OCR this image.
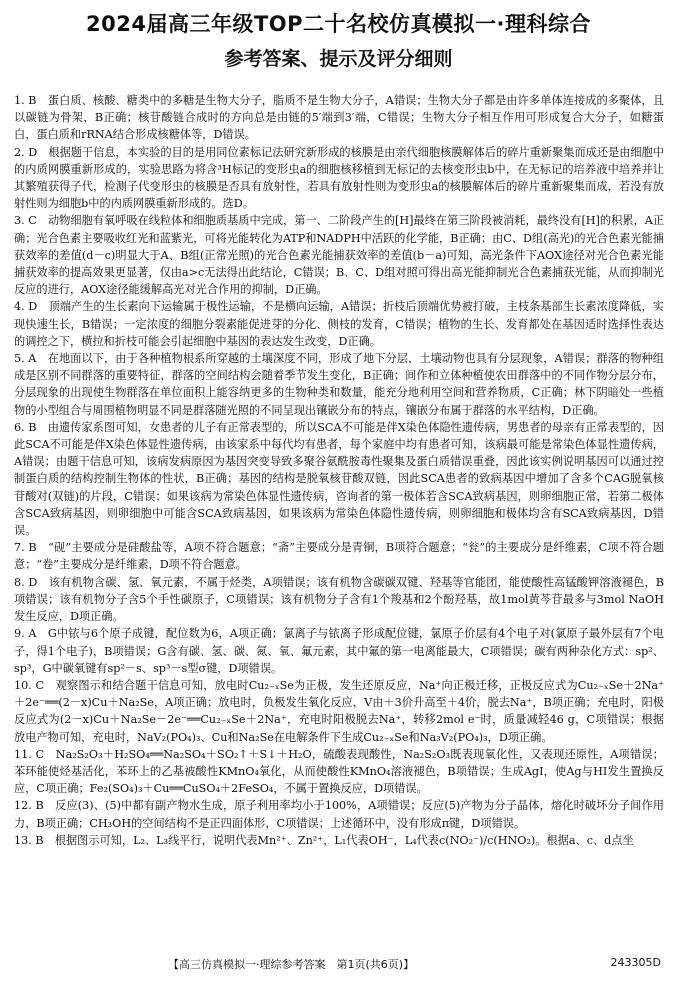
2024届高三年级TOP二十名校仿真模拟一·理科综合
参考答案、提示及评分细则

1. B　蛋白质、核酸、糖类中的多糖是生物大分子，脂质不是生物大分子，A错误；生物大分子都是由许多单体连接成的多聚体，且以碳链为骨架，B正确；核苷酸链合成时的方向总是由链的5′端到3′端，C错误；生物大分子相互作用可形成复合大分子，如糖蛋白，蛋白质和rRNA结合形成核糖体等，D错误。

2. D　根据题干信息，本实验的目的是用同位素标记法研究新形成的核膜是由亲代细胞核膜解体后的碎片重新聚集而成还是由细胞中的内质网膜重新形成的，实验思路为将含³H标记的变形虫a的细胞核移植到无标记的去核变形虫b中，在无标记的培养液中培养并让其繁殖获得子代，检测子代变形虫的核膜是否具有放射性，若具有放射性则为变形虫a的核膜解体后的碎片重新聚集而成，若没有放射性则为细胞b中的内质网膜重新形成的。选D。

3. C　动物细胞有氧呼吸在线粒体和细胞质基质中完成，第一、二阶段产生的[H]最终在第三阶段被消耗，最终没有[H]的积累，A正确；光合色素主要吸收红光和蓝紫光，可将光能转化为ATP和NADPH中活跃的化学能，B正确；由C、D组(高光)的光合色素光能捕获效率的差值(d－c)明显大于A、B组(正常光照)的光合色素光能捕获效率的差值(b－a)可知，高光条件下AOX途径对光合色素光能捕获效率的提高效果更显著，仅由a>c无法得出此结论，C错误；B、C、D组对照可得出高光能抑制光合色素捕获光能，从而抑制光反应的进行，AOX途径能缓解高光对光合作用的抑制，D正确。

4. D　顶端产生的生长素向下运输属于极性运输，不是横向运输，A错误；折枝后顶端优势被打破，主枝条基部生长素浓度降低，实现快速生长，B错误；一定浓度的细胞分裂素能促进芽的分化、侧枝的发育，C错误；植物的生长、发育都处在基因适时选择性表达的调控之下，横拉和折枝可能会引起细胞中基因的表达发生改变，D正确。

5. A　在地面以下，由于各种植物根系所穿越的土壤深度不同，形成了地下分层，土壤动物也具有分层现象，A错误；群落的物种组成是区别不同群落的重要特征，群落的空间结构会随着季节发生变化，B正确；间作和立体种植使农田群落中的不同作物分层分布，分层现象的出现使生物群落在单位面积上能容纳更多的生物种类和数量，能充分地利用空间和营养物质，C正确；林下阴暗处一些植物的小型组合与周围植物明显不同是群落随光照的不同呈现出镶嵌分布的特点，镶嵌分布属于群落的水平结构，D正确。

6. B　由遗传家系图可知，女患者的儿子有正常表型的，所以SCA不可能是伴X染色体隐性遗传病，男患者的母亲有正常表型的，因此SCA不可能是伴X染色体显性遗传病，由该家系中每代均有患者，每个家庭中均有患者可知，该病最可能是常染色体显性遗传病，A错误；由题干信息可知，该病发病原因为基因突变导致多聚谷氨酰胺毒性聚集及蛋白质错误重叠，因此该实例说明基因可以通过控制蛋白质的结构控制生物体的性状，B正确；基因的结构是脱氧核苷酸双链，因此SCA患者的致病基因中增加了含多个CAG脱氧核苷酸对(双链)的片段，C错误；如果该病为常染色体显性遗传病，咨询者的第一极体若含SCA致病基因，则卵细胞正常，若第二极体含SCA致病基因，则卵细胞中可能含SCA致病基因，如果该病为常染色体隐性遗传病，则卵细胞和极体均含有SCA致病基因，D错误。

7. B　“砚”主要成分是硅酸盐等，A项不符合题意；“斋”主要成分是青铜，B项符合题意；“瓮”的主要成分是纤维素，C项不符合题意；“卷”主要成分是纤维素，D项不符合题意。

8. D　该有机物含碳、氢、氧元素，不属于烃类，A项错误；该有机物含碳碳双键、羟基等官能团，能使酸性高锰酸钾溶液褪色，B项错误；该有机物分子含5个手性碳原子，C项错误；该有机物分子含有1个羧基和2个酚羟基，故1mol黄芩苷最多与3mol NaOH发生反应，D项正确。

9. A　G中铱与6个原子成键，配位数为6，A项正确；氯离子与铱离子形成配位键，氯原子价层有4个电子对(氯原子最外层有7个电子，得1个电子)，B项错误；G含有碳、氢、碳、氮、氧、氟元素，其中氟的第一电离能最大，C项错误；碳有两种杂化方式：sp²、sp³，G中碳氧键有sp²－s、sp³－s型σ键，D项错误。

10. C　观察图示和结合题干信息可知，放电时Cu₂₋ₓSe为正极，发生还原反应，Na⁺向正极迁移，正极反应式为Cu₂₋ₓSe＋2Na⁺＋2e⁻══(2－x)Cu＋Na₂Se，A项正确；放电时，负极发生氧化反应，V由＋3价升高至＋4价，脱去Na⁺，B项正确；充电时，阳极反应式为(2－x)Cu＋Na₂Se－2e⁻══Cu₂₋ₓSe＋2Na⁺，充电时阳极脱去Na⁺，转移2mol e⁻时，质量减轻46 g，C项错误；根据放电产物可知，充电时，NaV₂(PO₄)₃、Cu和Na₂Se在电解条件下生成Cu₂₋ₓSe和Na₃V₂(PO₄)₃，D项正确。

11. C　Na₂S₂O₃＋H₂SO₄══Na₂SO₄＋SO₂↑＋S↓＋H₂O，硫酸表现酸性，Na₂S₂O₃既表现氧化性，又表现还原性，A项错误；苯环能使烃基活化，苯环上的乙基被酸性KMnO₄氧化，从而使酸性KMnO₄溶液褪色，B项错误；生成AgI，使Ag与HI发生置换反应，C项正确；Fe₂(SO₄)₃＋Cu══CuSO₄＋2FeSO₄，不属于置换反应，D项错误。

12. B　反应(3)、(5)中都有副产物水生成，原子利用率均小于100%，A项错误；反应(5)产物为分子晶体，熔化时破坏分子间作用力，B项正确；CH₃OH的空间结构不是正四面体形，C项错误；上述循环中，没有形成π键，D项错误。

13. B　根据图示可知，L₂、L₃线平行，说明代表Mn²⁺、Zn²⁺，L₁代表OH⁻，L₄代表c(NO₂⁻)/c(HNO₂)。根据a、c、d点坐

【高三仿真模拟一·理综参考答案　第1页(共6页)】	243305D
